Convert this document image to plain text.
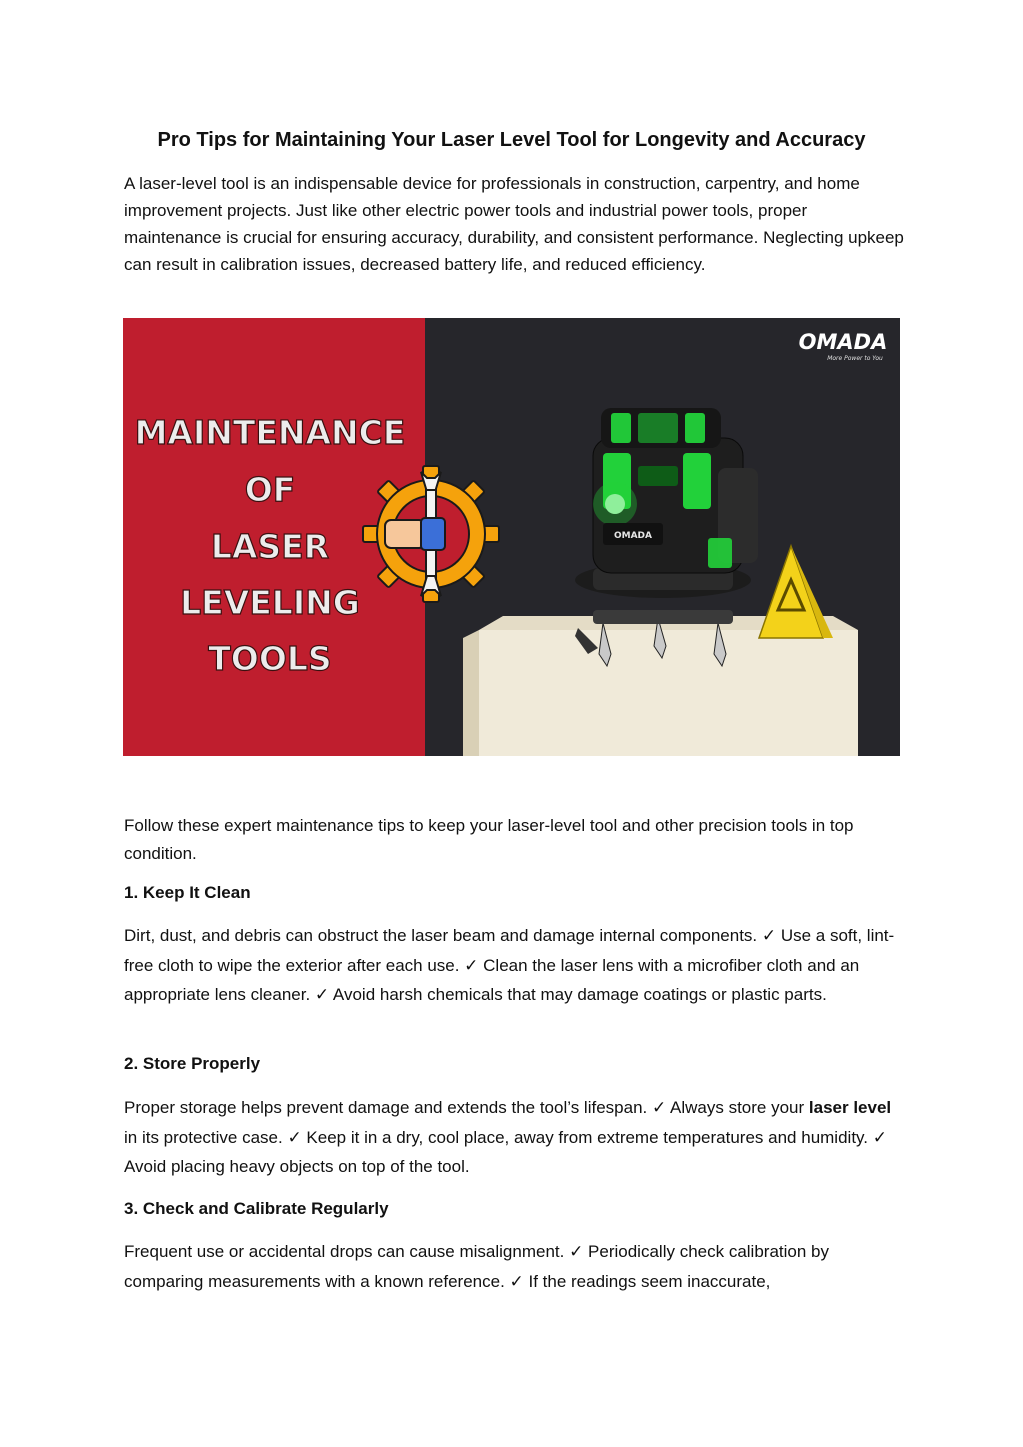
Pro Tips for Maintaining Your Laser Level Tool for Longevity and Accuracy

A laser-level tool is an indispensable device for professionals in construction, carpentry, and home improvement projects. Just like other electric power tools and industrial power tools, proper maintenance is crucial for ensuring accuracy, durability, and consistent performance. Neglecting upkeep can result in calibration issues, decreased battery life, and reduced efficiency.

MAINTENANCE
OF
LASER
LEVELING
TOOLS
OMADA
OMADA
More Power to You

Follow these expert maintenance tips to keep your laser-level tool and other precision tools in top condition.

1. Keep It Clean

Dirt, dust, and debris can obstruct the laser beam and damage internal components. ✓ Use a soft, lint-free cloth to wipe the exterior after each use. ✓ Clean the laser lens with a microfiber cloth and an appropriate lens cleaner. ✓ Avoid harsh chemicals that may damage coatings or plastic parts.

2. Store Properly

Proper storage helps prevent damage and extends the tool’s lifespan. ✓ Always store your laser level in its protective case. ✓ Keep it in a dry, cool place, away from extreme temperatures and humidity. ✓ Avoid placing heavy objects on top of the tool.

3. Check and Calibrate Regularly

Frequent use or accidental drops can cause misalignment. ✓ Periodically check calibration by comparing measurements with a known reference. ✓ If the readings seem inaccurate,
